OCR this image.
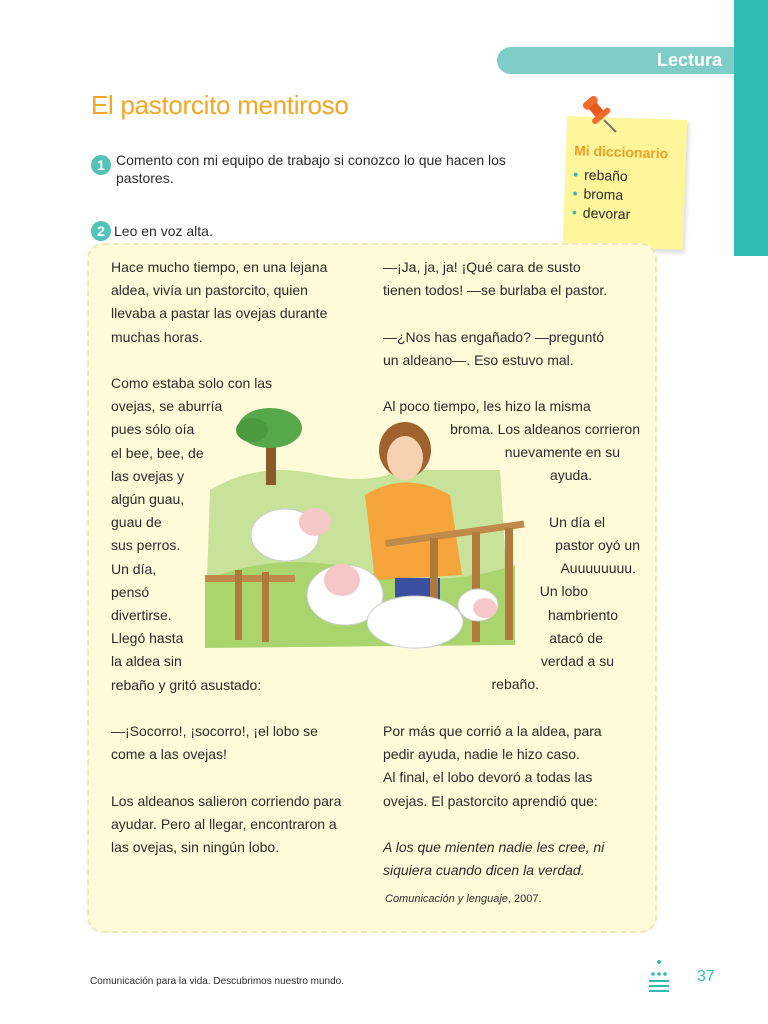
Lectura
El pastorcito mentiroso
1 Comento con mi equipo de trabajo si conozco lo que hacen los
pastores.
2 Leo en voz alta.

Mi diccionario

• rebaño
• broma
• devorar

Hace mucho tiempo, en una lejana

aldea, vivía un pastorcito, quien

llevaba a pastar las ovejas durante

muchas horas.

Como estaba solo con las

ovejas, se aburría

pues sólo oía

el bee, bee, de

las ovejas y

algún guau,

guau de

sus perros.

Un día,

pensó

divertirse.

Llegó hasta

la aldea sin

rebaño y gritó asustado:

—¡Socorro!, ¡socorro!, ¡el lobo se

come a las ovejas!

Los aldeanos salieron corriendo para

ayudar. Pero al llegar, encontraron a

las ovejas, sin ningún lobo.

—¡Ja, ja, ja! ¡Qué cara de susto

tienen todos! —se burlaba el pastor.

—¿Nos has engañado? —preguntó

un aldeano—. Eso estuvo mal.

Al poco tiempo, les hizo la misma

broma. Los aldeanos corrieron

nuevamente en su

ayuda.

Un día el

pastor oyó un

Auuuuuuuu.

Un lobo

hambriento

atacó de

verdad a su

rebaño.

Por más que corrió a la aldea, para

pedir ayuda, nadie le hizo caso.

Al final, el lobo devoró a todas las

ovejas. El pastorcito aprendió que:

A los que mienten nadie les cree, ni

siquiera cuando dicen la verdad.

Comunicación y lenguaje, 2007.
Comunicación para la vida. Descubrimos nuestro mundo.	37
